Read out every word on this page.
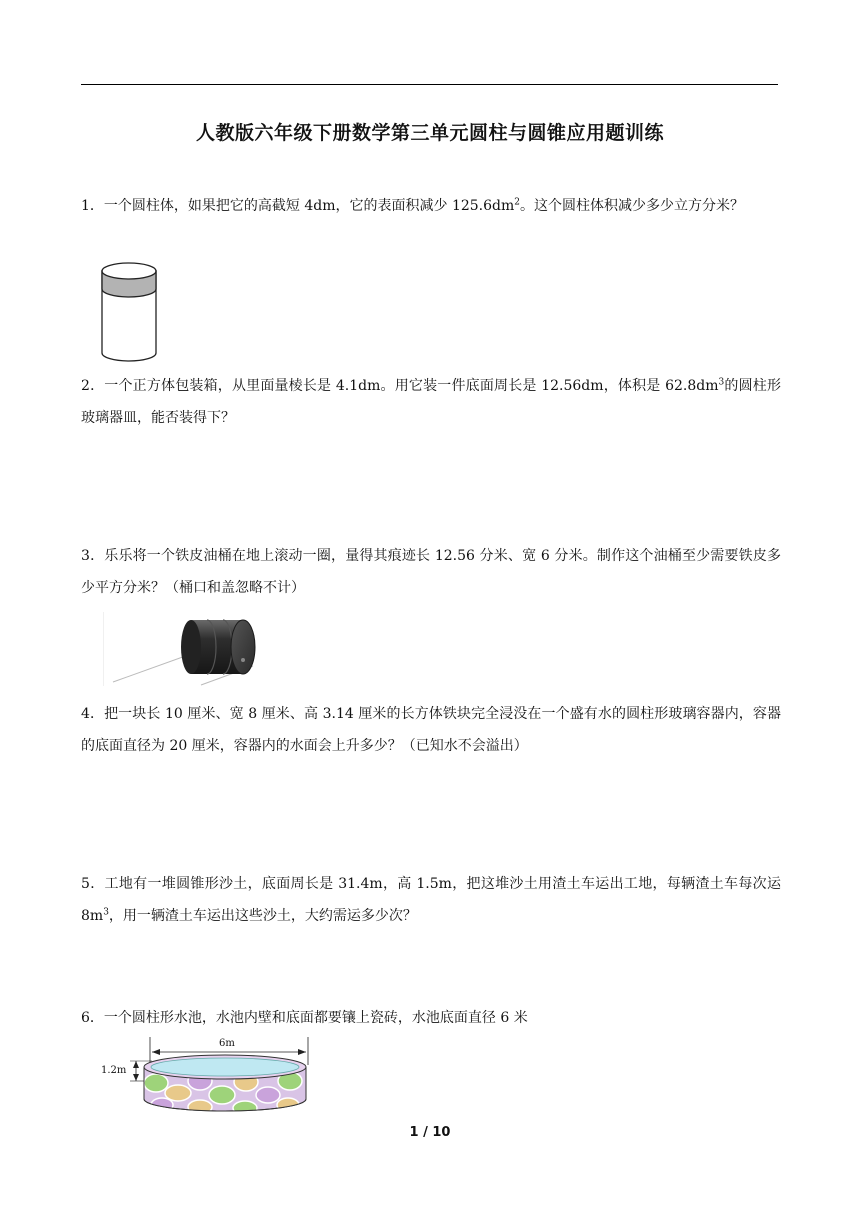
人教版六年级下册数学第三单元圆柱与圆锥应用题训练
1．一个圆柱体，如果把它的高截短 4dm，它的表面积减少 $125.6dm^2$。这个圆柱体积减少多少立方分米？
2．一个正方体包装箱，从里面量棱长是 4.1dm。用它装一件底面周长是 12.56dm，体积是 $62.8dm^3$的圆柱形玻璃器皿，能否装得下？
3．乐乐将一个铁皮油桶在地上滚动一圈，量得其痕迹长 12.56 分米、宽 6 分米。制作这个油桶至少需要铁皮多少平方分米？（桶口和盖忽略不计）
4．把一块长 10 厘米、宽 8 厘米、高 3.14 厘米的长方体铁块完全浸没在一个盛有水的圆柱形玻璃容器内，容器的底面直径为 20 厘米，容器内的水面会上升多少？（已知水不会溢出）
5．工地有一堆圆锥形沙土，底面周长是 31.4m，高 1.5m，把这堆沙土用渣土车运出工地，每辆渣土车每次运 $8m^3$，用一辆渣土车运出这些沙土，大约需运多少次？
6．一个圆柱形水池，水池内壁和底面都要镶上瓷砖，水池底面直径 6 米
6m
1.2m
1 / 10
